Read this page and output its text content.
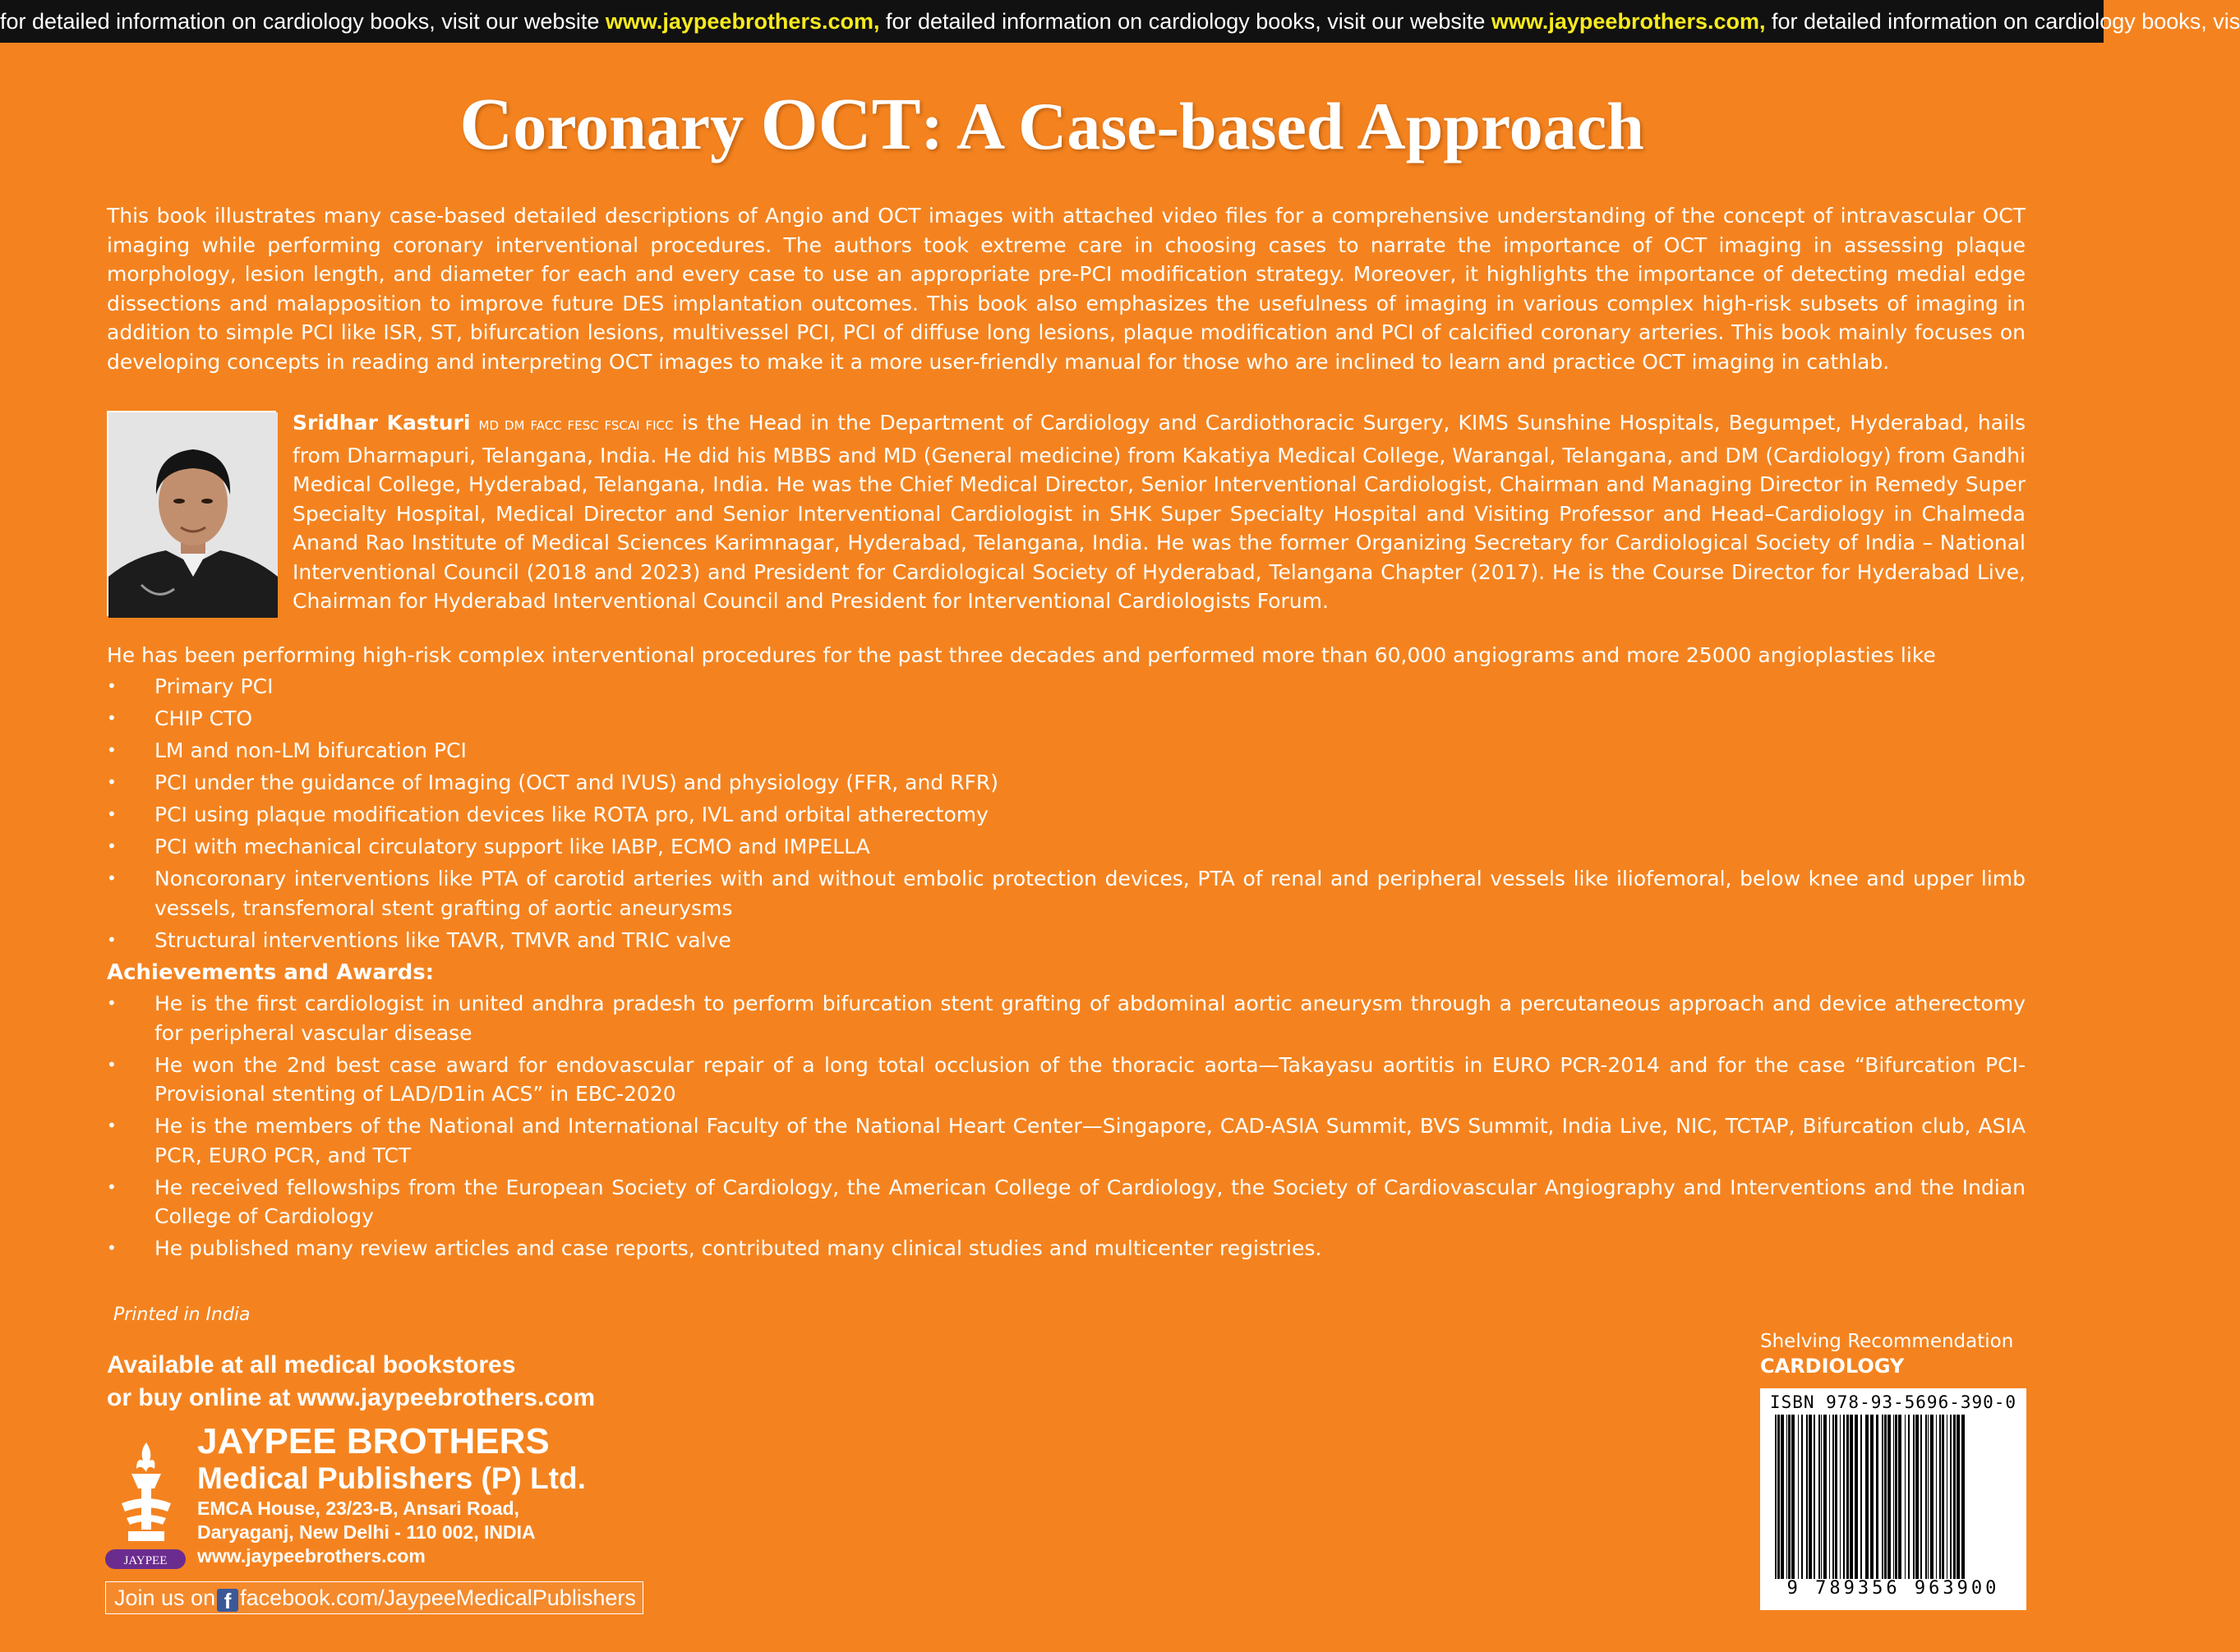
for detailed information on cardiology books, visit our website www.jaypeebrothers.com, for detailed information on cardiology books, visit our website www.jaypeebrothers.com, for detailed information on cardiology books, vis
Coronary OCT: A Case-based Approach

This book illustrates many case-based detailed descriptions of Angio and OCT images with attached video files for a comprehensive understanding of the concept of intravascular OCT imaging while performing coronary interventional procedures. The authors took extreme care in choosing cases to narrate the importance of OCT imaging in assessing plaque morphology, lesion length, and diameter for each and every case to use an appropriate pre-PCI modification strategy. Moreover, it highlights the importance of detecting medial edge dissections and malapposition to improve future DES implantation outcomes. This book also emphasizes the usefulness of imaging in various complex high-risk subsets of imaging in addition to simple PCI like ISR, ST, bifurcation lesions, multivessel PCI, PCI of diffuse long lesions, plaque modification and PCI of calcified coronary arteries. This book mainly focuses on developing concepts in reading and interpreting OCT images to make it a more user-friendly manual for those who are inclined to learn and practice OCT imaging in cathlab.

Sridhar Kasturi MD DM FACC FESC FSCAI FICC is the Head in the Department of Cardiology and Cardiothoracic Surgery, KIMS Sunshine Hospitals, Begumpet, Hyderabad, hails from Dharmapuri, Telangana, India. He did his MBBS and MD (General medicine) from Kakatiya Medical College, Warangal, Telangana, and DM (Cardiology) from Gandhi Medical College, Hyderabad, Telangana, India. He was the Chief Medical Director, Senior Interventional Cardiologist, Chairman and Managing Director in Remedy Super Specialty Hospital, Medical Director and Senior Interventional Cardiologist in SHK Super Specialty Hospital and Visiting Professor and Head–Cardiology in Chalmeda Anand Rao Institute of Medical Sciences Karimnagar, Hyderabad, Telangana, India. He was the former Organizing Secretary for Cardiological Society of India – National Interventional Council (2018 and 2023) and President for Cardiological Society of Hyderabad, Telangana Chapter (2017). He is the Course Director for Hyderabad Live, Chairman for Hyderabad Interventional Council and President for Interventional Cardiologists Forum.

He has been performing high-risk complex interventional procedures for the past three decades and performed more than 60,000 angiograms and more 25000 angioplasties like

• Primary PCI
• CHIP CTO
• LM and non-LM bifurcation PCI
• PCI under the guidance of Imaging (OCT and IVUS) and physiology (FFR, and RFR)
• PCI using plaque modification devices like ROTA pro, IVL and orbital atherectomy
• PCI with mechanical circulatory support like IABP, ECMO and IMPELLA
• Noncoronary interventions like PTA of carotid arteries with and without embolic protection devices, PTA of renal and peripheral vessels like iliofemoral, below knee and upper limb vessels, transfemoral stent grafting of aortic aneurysms
• Structural interventions like TAVR, TMVR and TRIC valve

Achievements and Awards:

• He is the first cardiologist in united andhra pradesh to perform bifurcation stent grafting of abdominal aortic aneurysm through a percutaneous approach and device atherectomy for peripheral vascular disease
• He won the 2nd best case award for endovascular repair of a long total occlusion of the thoracic aorta—Takayasu aortitis in EURO PCR-2014 and for the case “Bifurcation PCI-Provisional stenting of LAD/D1in ACS” in EBC-2020
• He is the members of the National and International Faculty of the National Heart Center—Singapore, CAD-ASIA Summit, BVS Summit, India Live, NIC, TCTAP, Bifurcation club, ASIA PCR, EURO PCR, and TCT
• He received fellowships from the European Society of Cardiology, the American College of Cardiology, the Society of Cardiovascular Angiography and Interventions and the Indian College of Cardiology
• He published many review articles and case reports, contributed many clinical studies and multicenter registries.

Printed in India

Available at all medical bookstores
or buy online at www.jaypeebrothers.com
JAYPEE

JAYPEE BROTHERS

Medical Publishers (P) Ltd.

EMCA House, 23/23-B, Ansari Road,

Daryaganj, New Delhi - 110 002, INDIA

www.jaypeebrothers.com

Join us on f facebook.com/JaypeeMedicalPublishers

Shelving Recommendation

CARDIOLOGY

ISBN 978-93-5696-390-0
9 789356 963900
